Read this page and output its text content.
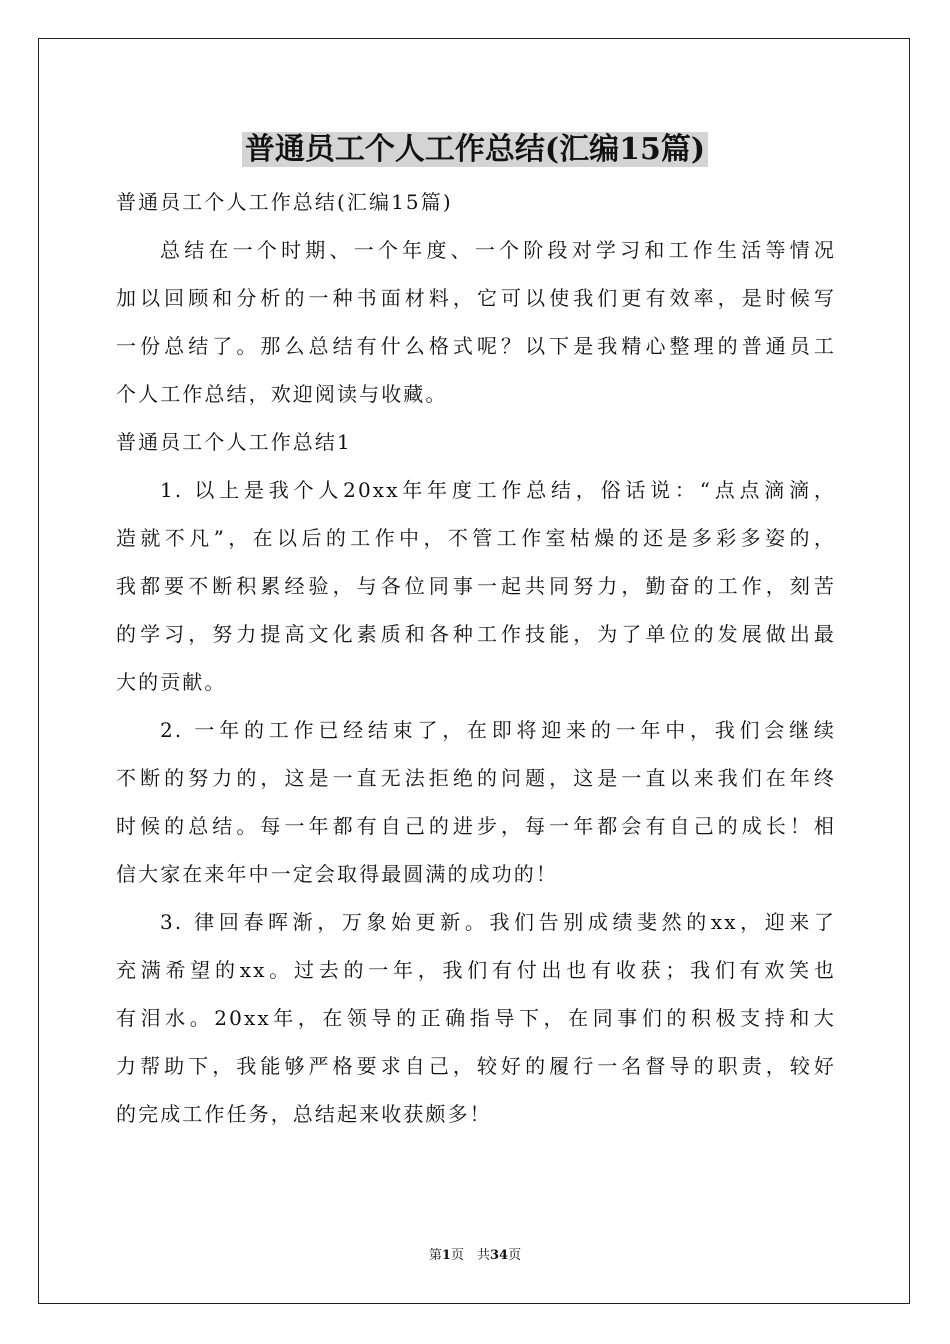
普通员工个人工作总结(汇编15篇)

普通员工个人工作总结(汇编15篇)

总结在一个时期、一个年度、一个阶段对学习和工作生活等情况

加以回顾和分析的一种书面材料，它可以使我们更有效率，是时候写

一份总结了。那么总结有什么格式呢？以下是我精心整理的普通员工

个人工作总结，欢迎阅读与收藏。

普通员工个人工作总结1

1. 以上是我个人20xx年年度工作总结，俗话说：“点点滴滴，

造就不凡”，在以后的工作中，不管工作室枯燥的还是多彩多姿的，

我都要不断积累经验，与各位同事一起共同努力，勤奋的工作，刻苦

的学习，努力提高文化素质和各种工作技能，为了单位的发展做出最

大的贡献。

2. 一年的工作已经结束了，在即将迎来的一年中，我们会继续

不断的努力的，这是一直无法拒绝的问题，这是一直以来我们在年终

时候的总结。每一年都有自己的进步，每一年都会有自己的成长！相

信大家在来年中一定会取得最圆满的成功的！

3. 律回春晖渐，万象始更新。我们告别成绩斐然的xx，迎来了

充满希望的xx。过去的一年，我们有付出也有收获；我们有欢笑也

有泪水。20xx年，在领导的正确指导下，在同事们的积极支持和大

力帮助下，我能够严格要求自己，较好的履行一名督导的职责，较好

的完成工作任务，总结起来收获颇多！

第1页　共34页
